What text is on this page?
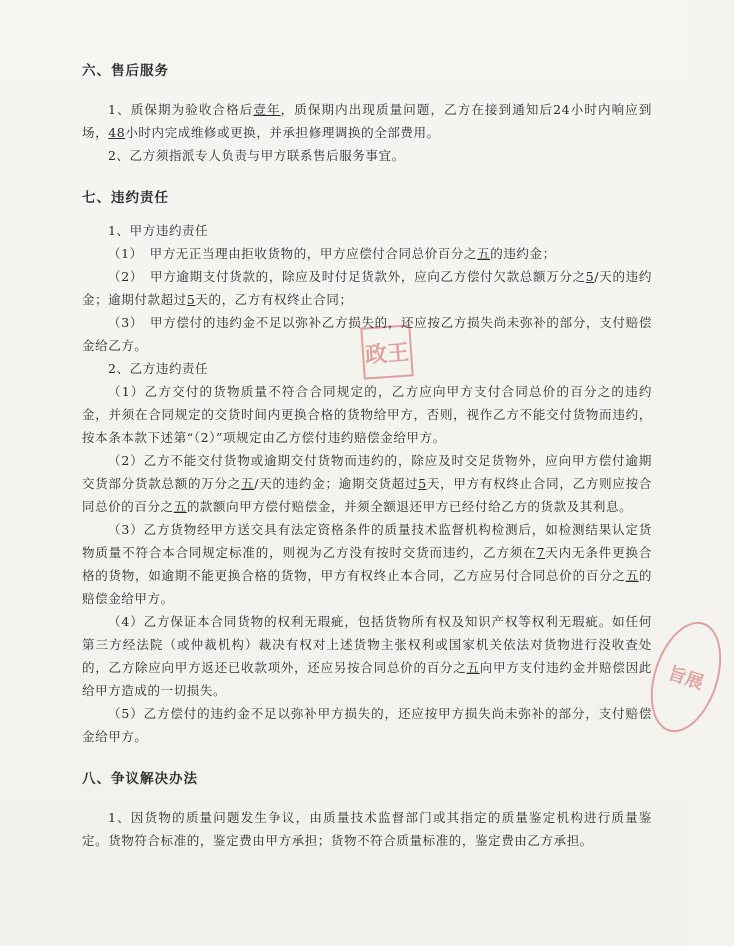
政王
旨展
六、售后服务

1、质保期为验收合格后壹年，质保期内出现质量问题，乙方在接到通知后24小时内响应到场，48小时内完成维修或更换，并承担修理调换的全部费用。

2、乙方须指派专人负责与甲方联系售后服务事宜。

七、违约责任

1、甲方违约责任

（1）　甲方无正当理由拒收货物的，甲方应偿付合同总价百分之五的违约金；

（2）　甲方逾期支付货款的，除应及时付足货款外，应向乙方偿付欠款总额万分之5/天的违约金；逾期付款超过5天的，乙方有权终止合同；

（3）　甲方偿付的违约金不足以弥补乙方损失的，还应按乙方损失尚未弥补的部分，支付赔偿金给乙方。

2、乙方违约责任

（1）乙方交付的货物质量不符合合同规定的，乙方应向甲方支付合同总价的百分之的违约金，并须在合同规定的交货时间内更换合格的货物给甲方，否则，视作乙方不能交付货物而违约，按本条本款下述第“（2）”项规定由乙方偿付违约赔偿金给甲方。

（2）乙方不能交付货物或逾期交付货物而违约的，除应及时交足货物外，应向甲方偿付逾期交货部分货款总额的万分之五/天的违约金；逾期交货超过5天，甲方有权终止合同，乙方则应按合同总价的百分之五的款额向甲方偿付赔偿金，并须全额退还甲方已经付给乙方的货款及其利息。

（3）乙方货物经甲方送交具有法定资格条件的质量技术监督机构检测后，如检测结果认定货物质量不符合本合同规定标准的，则视为乙方没有按时交货而违约，乙方须在7天内无条件更换合格的货物，如逾期不能更换合格的货物，甲方有权终止本合同，乙方应另付合同总价的百分之五的赔偿金给甲方。

（4）乙方保证本合同货物的权利无瑕疵，包括货物所有权及知识产权等权利无瑕疵。如任何第三方经法院（或仲裁机构）裁决有权对上述货物主张权利或国家机关依法对货物进行没收查处的，乙方除应向甲方返还已收款项外，还应另按合同总价的百分之五向甲方支付违约金并赔偿因此给甲方造成的一切损失。

（5）乙方偿付的违约金不足以弥补甲方损失的，还应按甲方损失尚未弥补的部分，支付赔偿金给甲方。

八、争议解决办法

1、因货物的质量问题发生争议，由质量技术监督部门或其指定的质量鉴定机构进行质量鉴定。货物符合标准的，鉴定费由甲方承担；货物不符合质量标准的，鉴定费由乙方承担。
